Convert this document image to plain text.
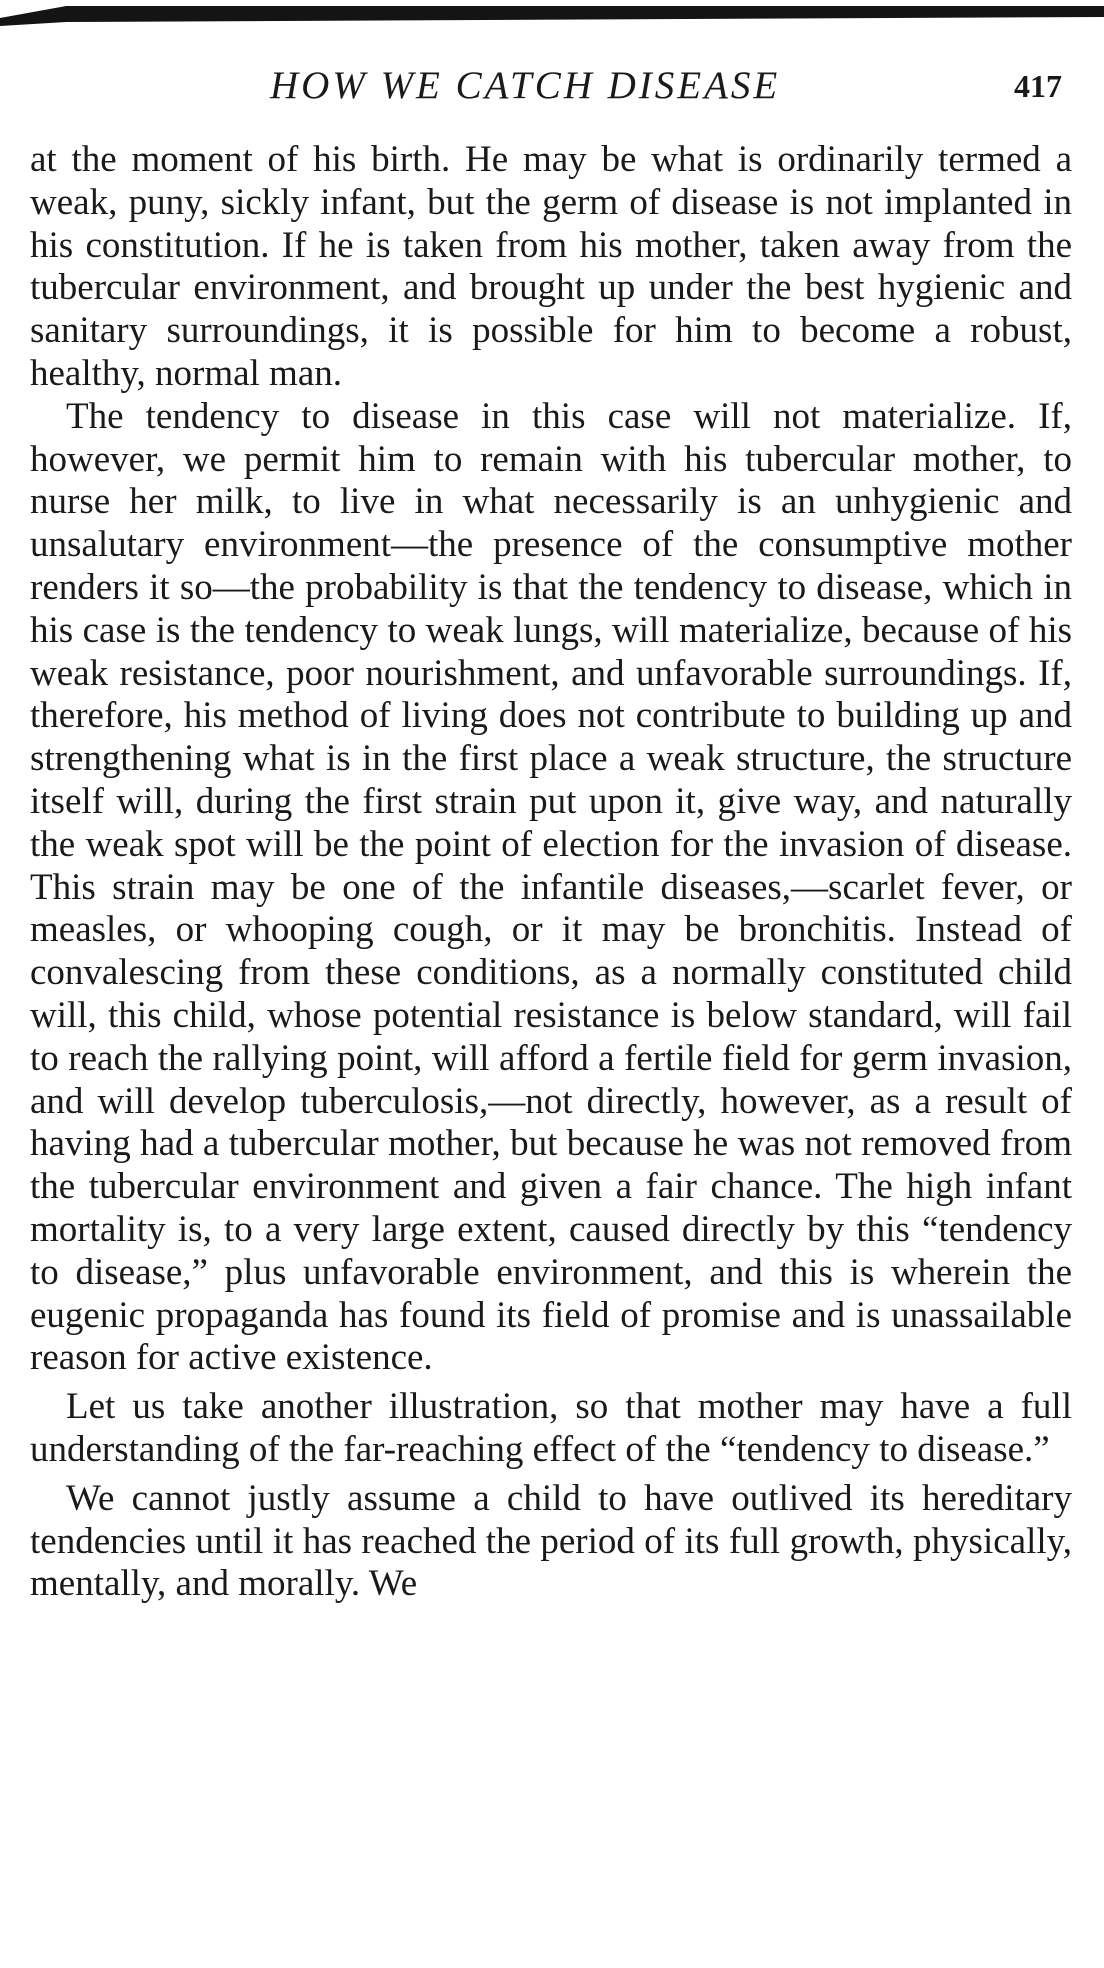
HOW WE CATCH DISEASE	417

at the moment of his birth. He may be what is ordinarily termed a weak, puny, sickly infant, but the germ of disease is not implanted in his constitution. If he is taken from his mother, taken away from the tubercular environment, and brought up under the best hygienic and sanitary surroundings, it is possible for him to become a robust, healthy, normal man.

The tendency to disease in this case will not materialize. If, however, we permit him to remain with his tubercular mother, to nurse her milk, to live in what necessarily is an unhygienic and unsalutary environment—the presence of the consumptive mother renders it so—the probability is that the tendency to disease, which in his case is the tendency to weak lungs, will materialize, because of his weak resistance, poor nourishment, and unfavorable surroundings. If, therefore, his method of living does not contribute to building up and strengthening what is in the first place a weak structure, the structure itself will, during the first strain put upon it, give way, and naturally the weak spot will be the point of election for the invasion of disease. This strain may be one of the infantile diseases,—scarlet fever, or measles, or whooping cough, or it may be bronchitis. Instead of convalescing from these conditions, as a normally constituted child will, this child, whose potential resistance is below standard, will fail to reach the rallying point, will afford a fertile field for germ invasion, and will develop tuberculosis,—not directly, however, as a result of having had a tubercular mother, but because he was not removed from the tubercular environment and given a fair chance. The high infant mortality is, to a very large extent, caused directly by this “tendency to disease,” plus unfavorable environment, and this is wherein the eugenic propaganda has found its field of promise and is unassailable reason for active existence.

Let us take another illustration, so that mother may have a full understanding of the far-reaching effect of the “tendency to disease.”

We cannot justly assume a child to have outlived its hereditary tendencies until it has reached the period of its full growth, physically, mentally, and morally. We
